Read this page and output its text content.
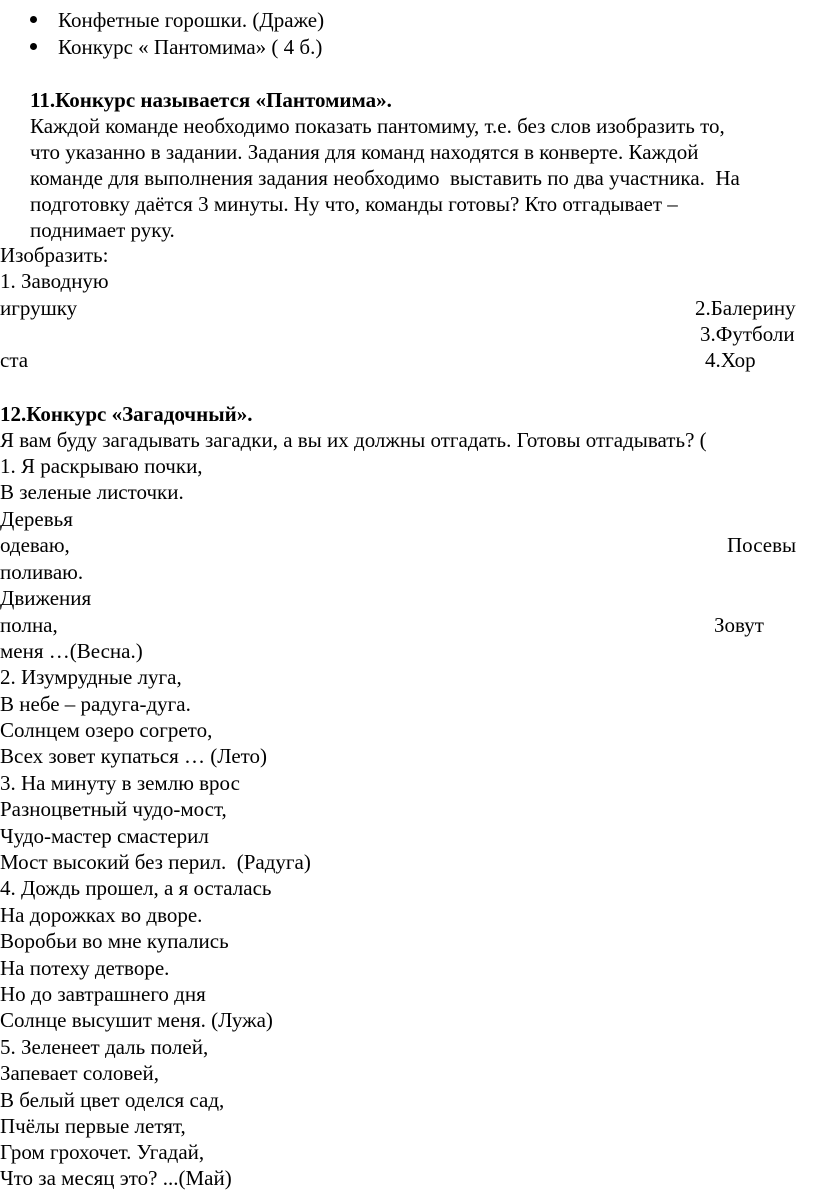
Конфетные горошки. (Драже)
Конкурс « Пантомима» ( 4 б.)
11.Конкурс называется «Пантомима».
Каждой команде необходимо показать пантомиму, т.е. без слов изобразить то,
что указанно в задании. Задания для команд находятся в конверте. Каждой
команде для выполнения задания необходимо  выставить по два участника.  На
подготовку даётся 3 минуты. Ну что, команды готовы? Кто отгадывает –
поднимает руку.
Изобразить:
1. Заводную
игрушку	2.Балерину
3.Футболи
ста	4.Хор
12.Конкурс «Загадочный».
Я вам буду загадывать загадки, а вы их должны отгадать. Готовы отгадывать? (
1. Я раскрываю почки,
В зеленые листочки.
Деревья
одеваю,	Посевы
поливаю.
Движения
полна,	Зовут
меня …(Весна.)
2. Изумрудные луга,
В небе – радуга-дуга.
Солнцем озеро согрето,
Всех зовет купаться … (Лето)
3. На минуту в землю врос
Разноцветный чудо-мост,
Чудо-мастер смастерил
Мост высокий без перил.  (Радуга)
4. Дождь прошел, а я осталась
На дорожках во дворе.
Воробьи во мне купались
На потеху детворе.
Но до завтрашнего дня
Солнце высушит меня. (Лужа)
5. Зеленеет даль полей,
Запевает соловей,
В белый цвет оделся сад,
Пчёлы первые летят,
Гром грохочет. Угадай,
Что за месяц это? ...(Май)
